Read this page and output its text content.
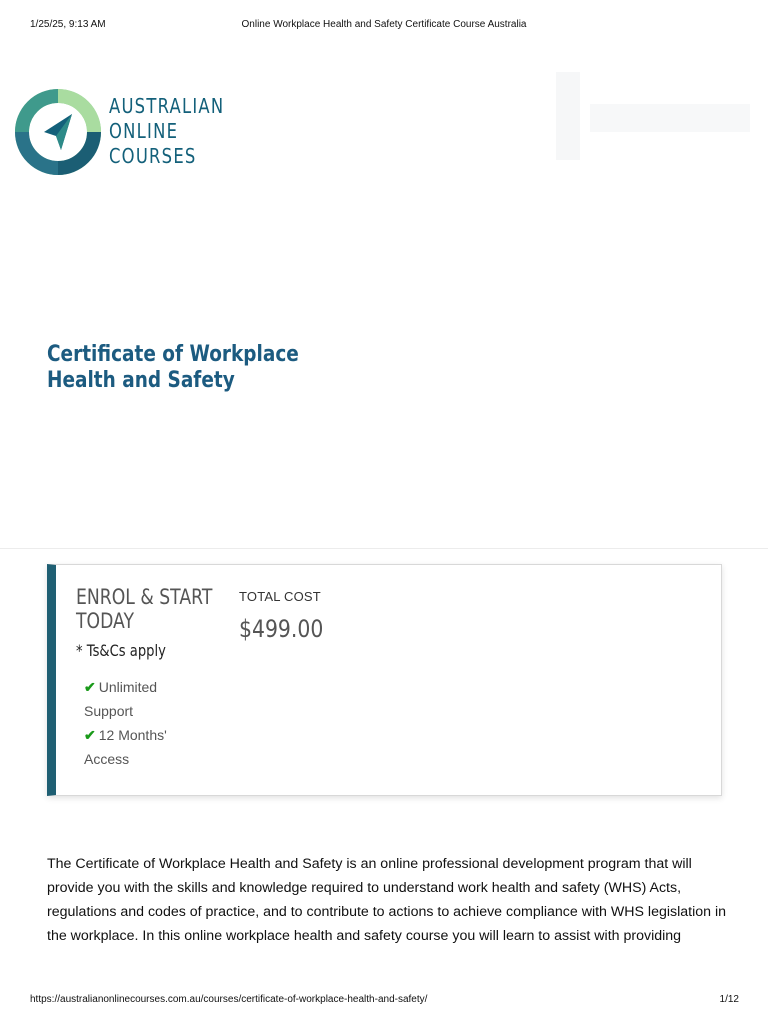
1/25/25, 9:13 AM	Online Workplace Health and Safety Certificate Course Australia
AUSTRALIAN
ONLINE
COURSES
Certificate of Workplace Health and Safety
ENROL & START TODAY
* Ts&Cs apply
✔ Unlimited Support
✔ 12 Months' Access
TOTAL COST
$499.00

The Certificate of Workplace Health and Safety is an online professional development program that will provide you with the skills and knowledge required to understand work health and safety (WHS) Acts, regulations and codes of practice, and to contribute to actions to achieve compliance with WHS legislation in the workplace. In this online workplace health and safety course you will learn to assist with providing

https://australianonlinecourses.com.au/courses/certificate-of-workplace-health-and-safety/	1/12
